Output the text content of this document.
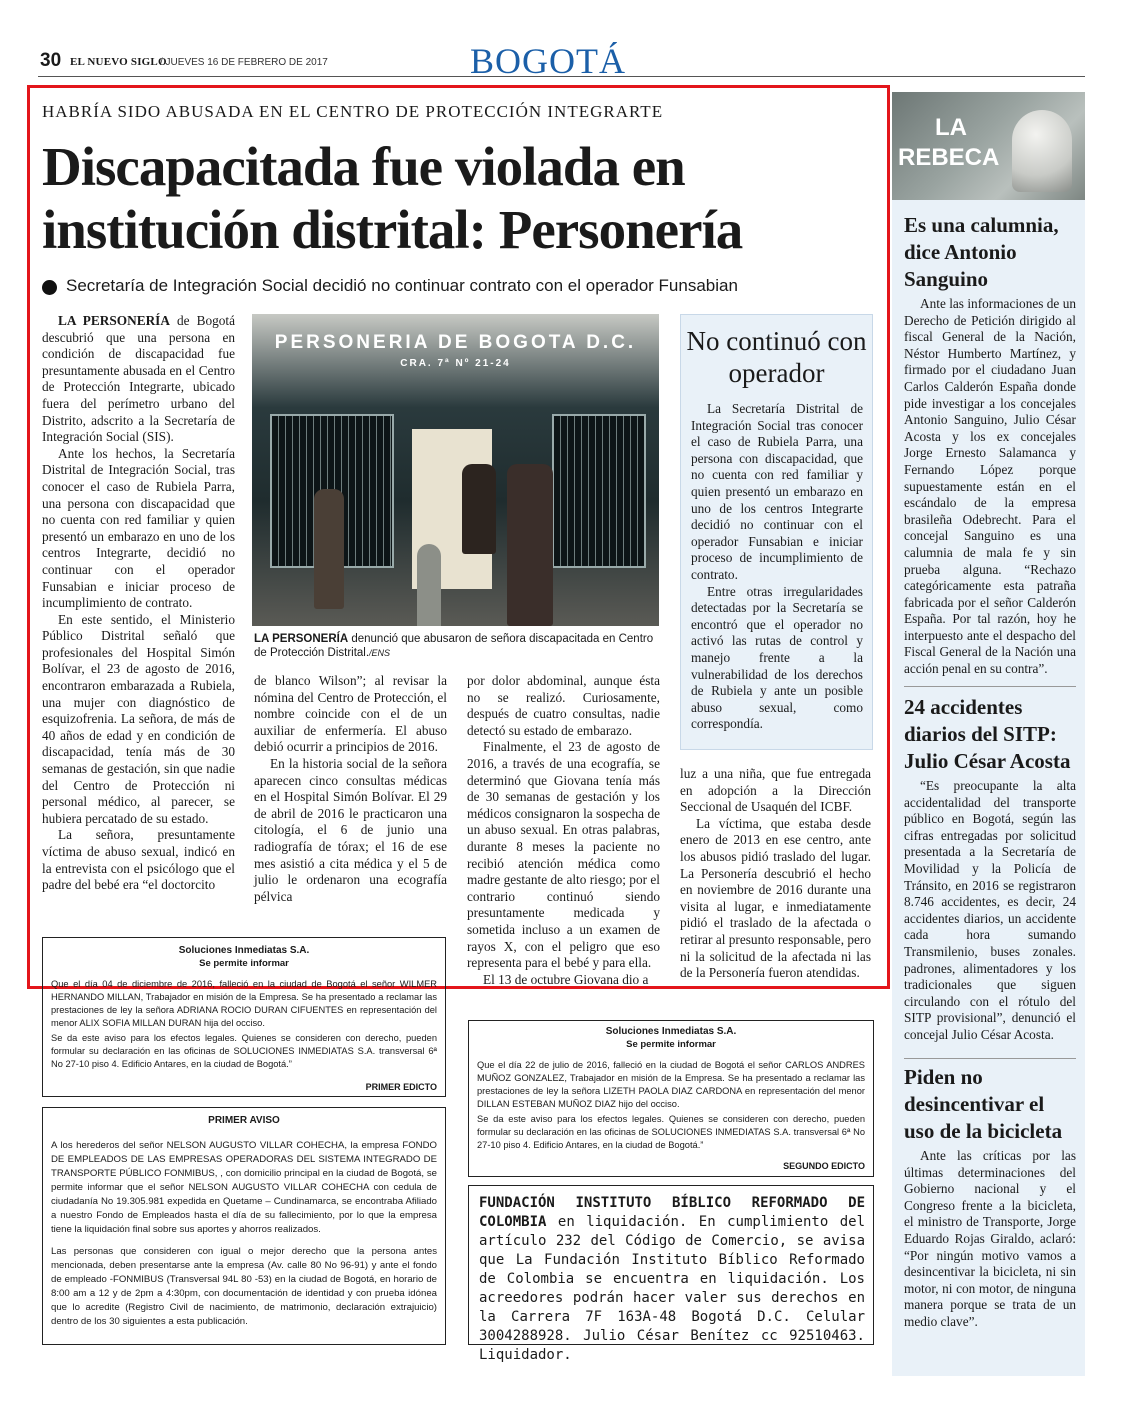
30 EL NUEVO SIGLO
/ JUEVES 16 DE FEBRERO DE 2017	BOGOTÁ
HABRÍA SIDO ABUSADA EN EL CENTRO DE PROTECCIÓN INTEGRARTE
Discapacitada fue violada en institución distrital: Personería
Secretaría de Integración Social decidió no continuar contrato con el operador Funsabian

LA PERSONERÍA de Bogotá descubrió que una persona en condición de discapacidad fue presuntamente abusada en el Centro de Protección Integrarte, ubicado fuera del perímetro urbano del Distrito, adscrito a la Secretaría de Integración Social (SIS).

Ante los hechos, la Secretaría Distrital de Integración Social, tras conocer el caso de Rubiela Parra, una persona con discapacidad que no cuenta con red familiar y quien presentó un embarazo en uno de los centros Integrarte, decidió no continuar con el operador Funsabian e iniciar proceso de incumplimiento de contrato.

En este sentido, el Ministerio Público Distrital señaló que profesionales del Hospital Simón Bolívar, el 23 de agosto de 2016, encontraron embarazada a Rubiela, una mujer con diagnóstico de esquizofrenia. La señora, de más de 40 años de edad y en condición de discapacidad, tenía más de 30 semanas de gestación, sin que nadie del Centro de Protección ni personal médico, al parecer, se hubiera percatado de su estado.

La señora, presuntamente víctima de abuso sexual, indicó en la entrevista con el psicólogo que el padre del bebé era “el doctorcito

de blanco Wilson”; al revisar la nómina del Centro de Protección, el nombre coincide con el de un auxiliar de enfermería. El abuso debió ocurrir a principios de 2016.

En la historia social de la señora aparecen cinco consultas médicas en el Hospital Simón Bolívar. El 29 de abril de 2016 le practicaron una citología, el 6 de junio una radiografía de tórax; el 16 de ese mes asistió a cita médica y el 5 de julio le ordenaron una ecografía pélvica

por dolor abdominal, aunque ésta no se realizó. Curiosamente, después de cuatro consultas, nadie detectó su estado de embarazo.

Finalmente, el 23 de agosto de 2016, a través de una ecografía, se determinó que Giovana tenía más de 30 semanas de gestación y los médicos consignaron la sospecha de un abuso sexual. En otras palabras, durante 8 meses la paciente no recibió atención médica como madre gestante de alto riesgo; por el contrario continuó siendo presuntamente medicada y sometida incluso a un examen de rayos X, con el peligro que eso representa para el bebé y para ella.

El 13 de octubre Giovana dio a

luz a una niña, que fue entregada en adopción a la Dirección Seccional de Usaquén del ICBF.

La víctima, que estaba desde enero de 2013 en ese centro, ante los abusos pidió traslado del lugar. La Personería descubrió el hecho en noviembre de 2016 durante una visita al lugar, e inmediatamente pidió el traslado de la afectada o retirar al presunto responsable, pero ni la solicitud de la afectada ni las de la Personería fueron atendidas.

PERSONERIA DE BOGOTA D.C.
CRA. 7ª Nº 21-24
LA PERSONERÍA denunció que abusaron de señora discapacitada en Centro de Protección Distrital./ENS
No continuó con operador

La Secretaría Distrital de Integración Social tras conocer el caso de Rubiela Parra, una persona con discapacidad, que no cuenta con red familiar y quien presentó un embarazo en uno de los centros Integrarte decidió no continuar con el operador Funsabian e iniciar proceso de incumplimiento de contrato.

Entre otras irregularidades detectadas por la Secretaría se encontró que el operador no activó las rutas de control y manejo frente a la vulnerabilidad de los derechos de Rubiela y ante un posible abuso sexual, como correspondía.

LA
REBECA
Es una calumnia, dice Antonio Sanguino

Ante las informaciones de un Derecho de Petición dirigido al fiscal General de la Nación, Néstor Humberto Martínez, y firmado por el ciudadano Juan Carlos Calderón España donde pide investigar a los concejales Antonio Sanguino, Julio César Acosta y los ex concejales Jorge Ernesto Salamanca y Fernando López porque supuestamente están en el escándalo de la empresa brasileña Odebrecht. Para el concejal Sanguino es una calumnia de mala fe y sin prueba alguna. “Rechazo categóricamente esta patraña fabricada por el señor Calderón España. Por tal razón, hoy he interpuesto ante el despacho del Fiscal General de la Nación una acción penal en su contra”.

24 accidentes diarios del SITP: Julio César Acosta

“Es preocupante la alta accidentalidad del transporte público en Bogotá, según las cifras entregadas por solicitud presentada a la Secretaría de Movilidad y la Policía de Tránsito, en 2016 se registraron 8.746 accidentes, es decir, 24 accidentes diarios, un accidente cada hora sumando Transmilenio, buses zonales. padrones, alimentadores y los tradicionales que siguen circulando con el rótulo del SITP provisional”, denunció el concejal Julio César Acosta.

Piden no desincentivar el uso de la bicicleta

Ante las críticas por las últimas determinaciones del Gobierno nacional y el Congreso frente a la bicicleta, el ministro de Transporte, Jorge Eduardo Rojas Giraldo, aclaró: “Por ningún motivo vamos a desincentivar la bicicleta, ni sin motor, ni con motor, de ninguna manera porque se trata de un medio clave”.

Soluciones Inmediatas S.A.
Se permite informar

Que el día 04 de diciembre de 2016, falleció en la ciudad de Bogotá el señor WILMER HERNANDO MILLAN, Trabajador en misión de la Empresa. Se ha presentado a reclamar las prestaciones de ley la señora ADRIANA ROCIO DURAN CIFUENTES en representación del menor ALIX SOFIA MILLAN DURAN hija del occiso.

Se da este aviso para los efectos legales. Quienes se consideren con derecho, pueden formular su declaración en las oficinas de SOLUCIONES INMEDIATAS S.A. transversal 6ª No 27-10 piso 4. Edificio Antares, en la ciudad de Bogotá.”

PRIMER EDICTO

Soluciones Inmediatas S.A.
Se permite informar

Que el día 22 de julio de 2016, falleció en la ciudad de Bogotá el señor CARLOS ANDRES MUÑOZ GONZALEZ, Trabajador en misión de la Empresa. Se ha presentado a reclamar las prestaciones de ley la señora LIZETH PAOLA DIAZ CARDONA en representación del menor DILLAN ESTEBAN MUÑOZ DIAZ hijo del occiso.

Se da este aviso para los efectos legales. Quienes se consideren con derecho, pueden formular su declaración en las oficinas de SOLUCIONES INMEDIATAS S.A. transversal 6ª No 27-10 piso 4. Edificio Antares, en la ciudad de Bogotá.”

SEGUNDO EDICTO

PRIMER AVISO

A los herederos del señor NELSON AUGUSTO VILLAR COHECHA, la empresa FONDO DE EMPLEADOS DE LAS EMPRESAS OPERADORAS DEL SISTEMA INTEGRADO DE TRANSPORTE PÚBLICO FONMIBUS, , con domicilio principal en la ciudad de Bogotá, se permite informar que el señor NELSON AUGUSTO VILLAR COHECHA con cedula de ciudadanía No 19.305.981 expedida en Quetame – Cundinamarca, se encontraba Afiliado a nuestro Fondo de Empleados hasta el día de su fallecimiento, por lo que la empresa tiene la liquidación final sobre sus aportes y ahorros realizados.

Las personas que consideren con igual o mejor derecho que la persona antes mencionada, deben presentarse ante la empresa (Av. calle 80 No 96-91) y ante el fondo de empleado -FONMIBUS (Transversal 94L 80 -53) en la ciudad de Bogotá, en horario de 8:00 am a 12 y de 2pm a 4:30pm, con documentación de identidad y con prueba idónea que lo acredite (Registro Civil de nacimiento, de matrimonio, declaración extrajuicio) dentro de los 30 siguientes a esta publicación.

FUNDACIÓN INSTITUTO BÍBLICO REFORMADO DE COLOMBIA en liquidación. En cumplimiento del artículo 232 del Código de Comercio, se avisa que La Fundación Instituto Bíblico Reformado de Colombia se encuentra en liquidación. Los acreedores podrán hacer valer sus derechos en la Carrera 7F 163A-48 Bogotá D.C. Celular 3004288928. Julio César Benítez cc 92510463. Liquidador.
